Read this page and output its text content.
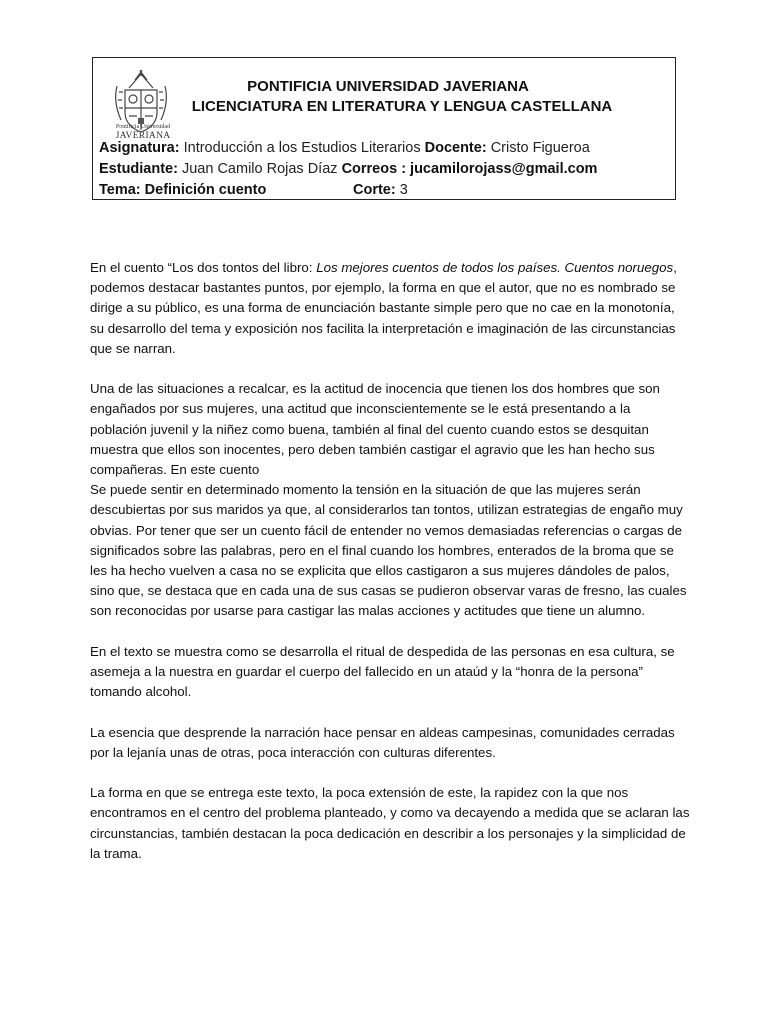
Pontificia Universidad
JAVERIANA
PONTIFICIA UNIVERSIDAD JAVERIANA
LICENCIATURA EN LITERATURA Y LENGUA CASTELLANA
Asignatura: Introducción a los Estudios Literarios Docente: Cristo Figueroa
Estudiante: Juan Camilo Rojas Díaz Correos : jucamilorojass@gmail.com
Tema: Definición cuento	Corte: 3

En el cuento “Los dos tontos del libro: Los mejores cuentos de todos los países. Cuentos noruegos, podemos destacar bastantes puntos, por ejemplo, la forma en que el autor, que no es nombrado se dirige a su público, es una forma de enunciación bastante simple pero que no cae en la monotonía, su desarrollo del tema y exposición nos facilita la interpretación e imaginación de las circunstancias que se narran.

Una de las situaciones a recalcar, es la actitud de inocencia que tienen los dos hombres que son engañados por sus mujeres, una actitud que inconscientemente se le está presentando a la población juvenil y la niñez como buena, también al final del cuento cuando estos se desquitan muestra que ellos son inocentes, pero deben también castigar el agravio que les han hecho sus compañeras. En este cuento

Se puede sentir en determinado momento la tensión en la situación de que las mujeres serán descubiertas por sus maridos ya que, al considerarlos tan tontos, utilizan estrategias de engaño muy obvias. Por tener que ser un cuento fácil de entender no vemos demasiadas referencias o cargas de significados sobre las palabras, pero en el final cuando los hombres, enterados de la broma que se les ha hecho vuelven a casa no se explicita que ellos castigaron a sus mujeres dándoles de palos, sino que, se destaca que en cada una de sus casas se pudieron observar varas de fresno, las cuales son reconocidas por usarse para castigar las malas acciones y actitudes que tiene un alumno.

En el texto se muestra como se desarrolla el ritual de despedida de las personas en esa cultura, se asemeja a la nuestra en guardar el cuerpo del fallecido en un ataúd y la “honra de la persona” tomando alcohol.

La esencia que desprende la narración hace pensar en aldeas campesinas, comunidades cerradas por la lejanía unas de otras, poca interacción con culturas diferentes.

La forma en que se entrega este texto, la poca extensión de este, la rapidez con la que nos encontramos en el centro del problema planteado, y como va decayendo a medida que se aclaran las circunstancias, también destacan la poca dedicación en describir a los personajes y la simplicidad de la trama.
